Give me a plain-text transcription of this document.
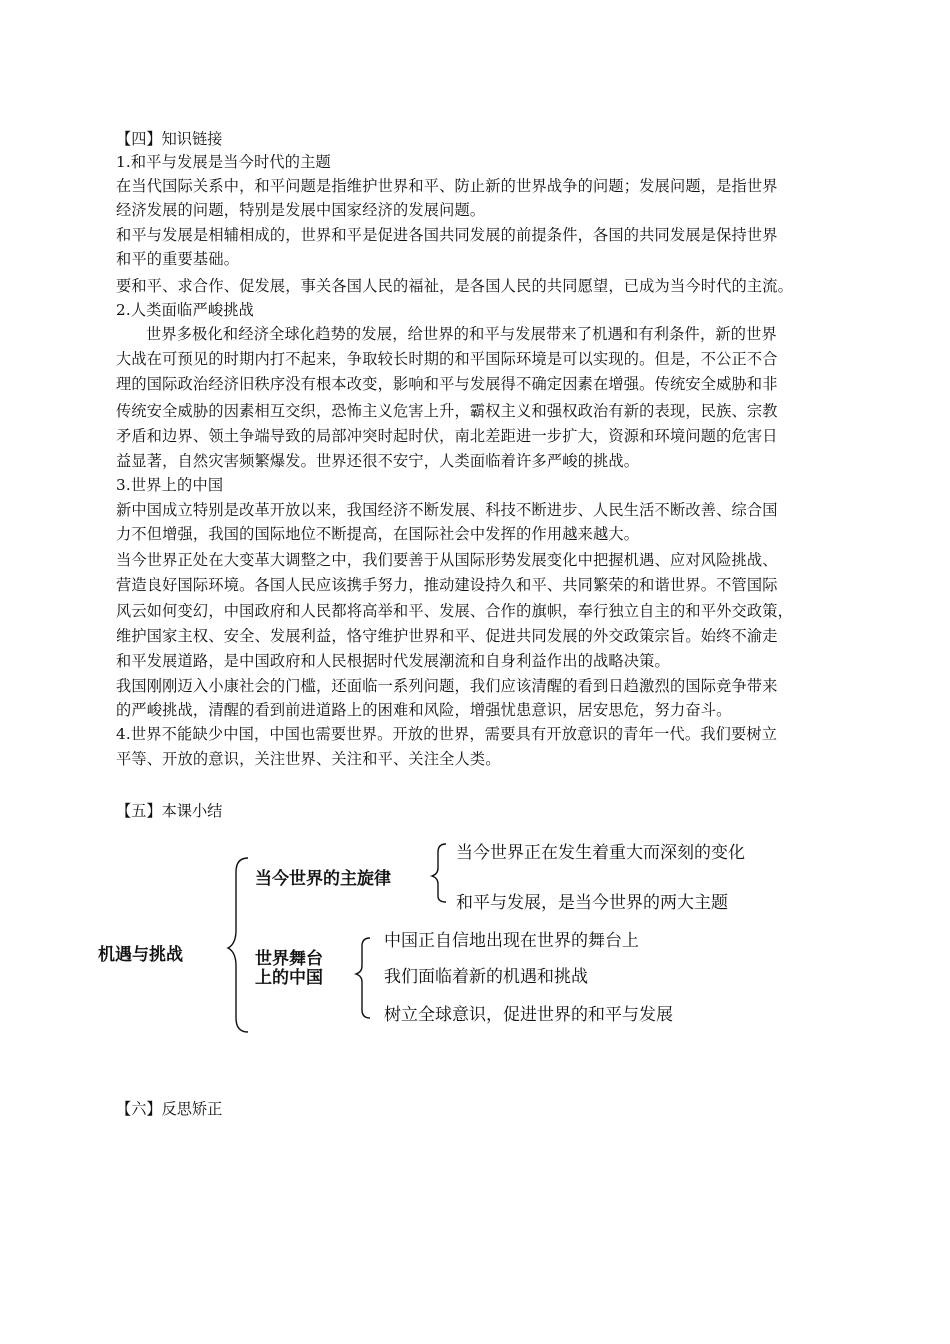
【四】知识链接
1.和平与发展是当今时代的主题
在当代国际关系中，和平问题是指维护世界和平、防止新的世界战争的问题；发展问题，是指世界
经济发展的问题，特别是发展中国家经济的发展问题。
和平与发展是相辅相成的，世界和平是促进各国共同发展的前提条件，各国的共同发展是保持世界
和平的重要基础。
要和平、求合作、促发展，事关各国人民的福祉，是各国人民的共同愿望，已成为当今时代的主流。
2.人类面临严峻挑战
世界多极化和经济全球化趋势的发展，给世界的和平与发展带来了机遇和有利条件，新的世界
大战在可预见的时期内打不起来，争取较长时期的和平国际环境是可以实现的。但是，不公正不合
理的国际政治经济旧秩序没有根本改变，影响和平与发展得不确定因素在增强。传统安全威胁和非
传统安全威胁的因素相互交织，恐怖主义危害上升，霸权主义和强权政治有新的表现，民族、宗教
矛盾和边界、领土争端导致的局部冲突时起时伏，南北差距进一步扩大，资源和环境问题的危害日
益显著，自然灾害频繁爆发。世界还很不安宁，人类面临着许多严峻的挑战。
3.世界上的中国
新中国成立特别是改革开放以来，我国经济不断发展、科技不断进步、人民生活不断改善、综合国
力不但增强，我国的国际地位不断提高，在国际社会中发挥的作用越来越大。
当今世界正处在大变革大调整之中，我们要善于从国际形势发展变化中把握机遇、应对风险挑战、
营造良好国际环境。各国人民应该携手努力，推动建设持久和平、共同繁荣的和谐世界。不管国际
风云如何变幻，中国政府和人民都将高举和平、发展、合作的旗帜，奉行独立自主的和平外交政策，
维护国家主权、安全、发展利益，恪守维护世界和平、促进共同发展的外交政策宗旨。始终不渝走
和平发展道路，是中国政府和人民根据时代发展潮流和自身利益作出的战略决策。
我国刚刚迈入小康社会的门槛，还面临一系列问题，我们应该清醒的看到日趋激烈的国际竞争带来
的严峻挑战，清醒的看到前进道路上的困难和风险，增强忧患意识，居安思危，努力奋斗。
4.世界不能缺少中国，中国也需要世界。开放的世界，需要具有开放意识的青年一代。我们要树立
平等、开放的意识，关注世界、关注和平、关注全人类。
【五】本课小结
机遇与挑战
当今世界的主旋律
当今世界正在发生着重大而深刻的变化
和平与发展，是当今世界的两大主题
世界舞台
上的中国
中国正自信地出现在世界的舞台上
我们面临着新的机遇和挑战
树立全球意识，促进世界的和平与发展
【六】反思矫正
